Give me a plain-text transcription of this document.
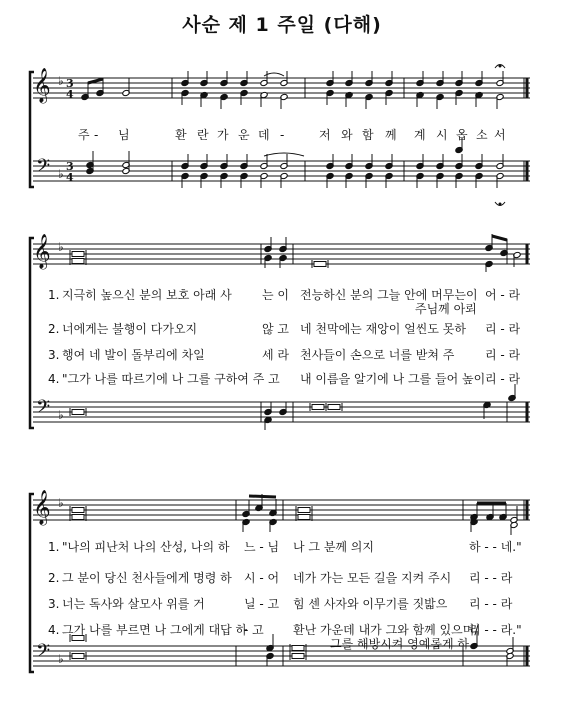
사순 제 1 주일 (다해)
𝄞
𝄢
♭
♭
3
4
3
4
𝄞
𝄢
♭
♭
𝄞
𝄢
♭
♭
주 - 님	환 란 가 운 데 -	저 와 함 께 계 시 옵 소 서
1. 지극히 높으신 분의 보호 아래 사	는 이 전능하신 분의 그늘 안에 머무는이 어 - 라
주님께 아뢰
2. 너에게는 불행이 다가오지	않 고 네 천막에는 재앙이 얼씬도 못하 리 - 라
3. 행여 네 발이 돌부리에 차일	세 라 천사들이 손으로 너를 받쳐 주	리 - 라
4. "그가 나를 따르기에 나 그를 구하여 주 고 내 이름을 알기에 나 그를 들어 높이 리 - 라
1. "나의 피난처 나의 산성, 나의 하 느 - 님 나 그 분께 의지	하 - - 네."
2. 그 분이 당신 천사들에게 명령 하 시 - 어 네가 가는 모든 길을 지켜 주시 리 - - 라
3. 너는 독사와 살모사 위를 거	닐 - 고 힘 센 사자와 이무기를 짓밟으 리 - - 라
4. 그가 나를 부르면 나 그에게 대답 하
- 고 환난 가운데 내가 그와 함께 있으며/
리 - - 라."
그를 해방시켜 영예롭게 하
